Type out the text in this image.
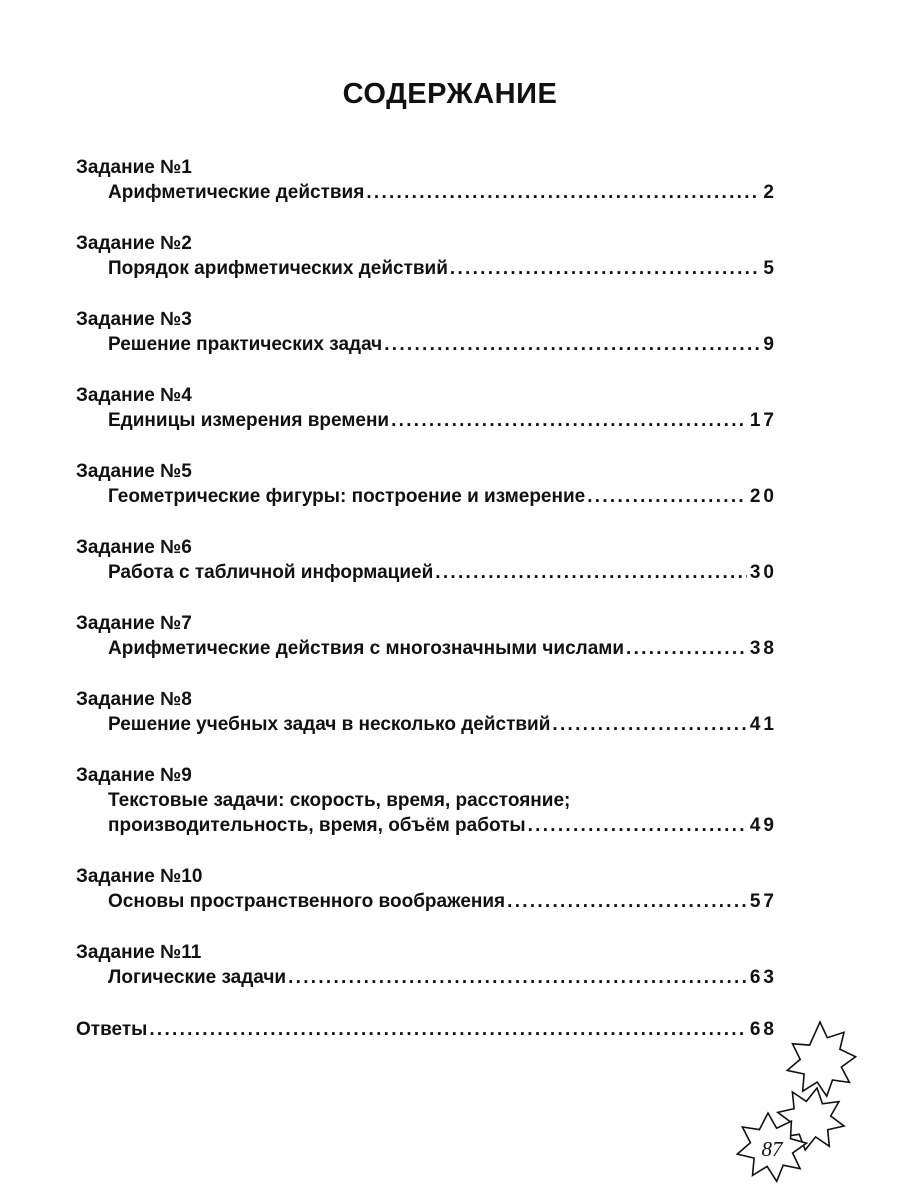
СОДЕРЖАНИЕ
Задание №1
Арифметические действия . . .	2
Задание №2
Порядок арифметических действий . . .	5
Задание №3
Решение практических задач . . .	9
Задание №4
Единицы измерения времени . . .	17
Задание №5
Геометрические фигуры: построение и измерение . . .	20
Задание №6
Работа с табличной информацией . . .	30
Задание №7
Арифметические действия с многозначными числами . . .	38
Задание №8
Решение учебных задач в несколько действий . . .	41
Задание №9
Текстовые задачи: скорость, время, расстояние;
производительность, время, объём работы . . .	49
Задание №10
Основы пространственного воображения . . .	57
Задание №11
Логические задачи . . .	63
Ответы . . .	68
87
